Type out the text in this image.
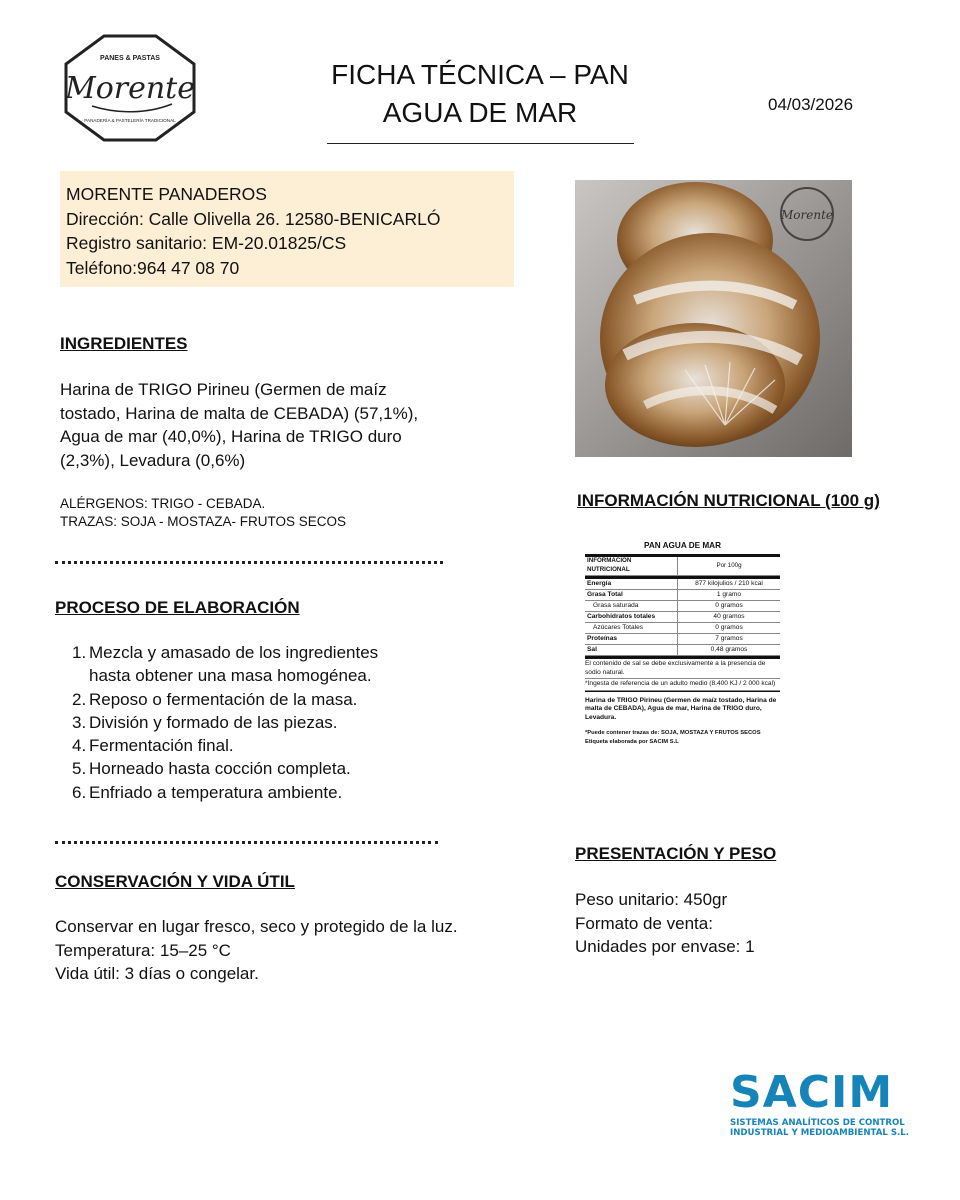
PANES & PASTAS
Morente
PANADERÍA & PASTELERÍA TRADICIONAL
FICHA TÉCNICA – PAN
AGUA DE MAR	04/03/2026
MORENTE PANADEROS
Dirección: Calle Olivella 26. 12580-BENICARLÓ
Registro sanitario: EM-20.01825/CS
Teléfono:964 47 08 70
Morente
INGREDIENTES
Harina de TRIGO Pirineu (Germen de maíz
tostado, Harina de malta de CEBADA) (57,1%),
Agua de mar (40,0%), Harina de TRIGO duro
(2,3%), Levadura (0,6%)
ALÉRGENOS: TRIGO - CEBADA.
TRAZAS: SOJA - MOSTAZA- FRUTOS SECOS
PROCESO DE ELABORACIÓN
1. Mezcla y amasado de los ingredientes
hasta obtener una masa homogénea.
2. Reposo o fermentación de la masa.
3. División y formado de las piezas.
4. Fermentación final.
5. Horneado hasta cocción completa.
6. Enfriado a temperatura ambiente.
CONSERVACIÓN Y VIDA ÚTIL
Conservar en lugar fresco, seco y protegido de la luz.
Temperatura: 15–25 °C
Vida útil: 3 días o congelar.
INFORMACIÓN NUTRICIONAL (100 g)
PAN AGUA DE MAR
INFORMACIÓN NUTRICIONAL	Por 100g
Energía	877 kilojulios / 210 kcal
Grasa Total	1 gramo
Grasa saturada	0 gramos
Carbohidratos totales	40 gramos
Azúcares Totales	0 gramos
Proteínas	7 gramos
Sal	0,48 gramos
El contenido de sal se debe exclusivamente a la presencia de sodio natural.
*Ingesta de referencia de un adulto medio (8.400 KJ / 2 000 kcal)
Harina de TRIGO Pirineu (Germen de maíz tostado, Harina de malta de CEBADA), Agua de mar, Harina de TRIGO duro, Levadura.
*Puede contener trazas de: SOJA, MOSTAZA Y FRUTOS SECOS
Etiqueta elaborada por SACIM S.L
PRESENTACIÓN Y PESO
Peso unitario: 450gr
Formato de venta:
Unidades por envase: 1
SACIM
SISTEMAS ANALÍTICOS DE CONTROL
INDUSTRIAL Y MEDIOAMBIENTAL S.L.
